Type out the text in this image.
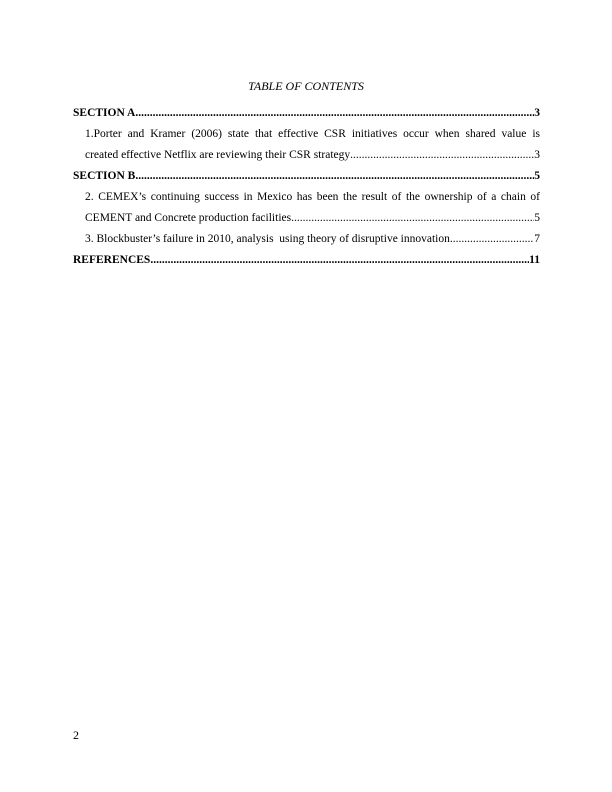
TABLE OF CONTENTS
SECTION A .....	3
1.Porter and Kramer (2006) state that effective CSR initiatives occur when shared value is
created effective Netflix are reviewing their CSR strategy .....	3
SECTION B .....	5
2. CEMEX’s continuing success in Mexico has been the result of the ownership of a chain of
CEMENT and Concrete production facilities .....	5
3. Blockbuster’s failure in 2010, analysis  using theory of disruptive innovation .....	7
REFERENCES .....	11
2
